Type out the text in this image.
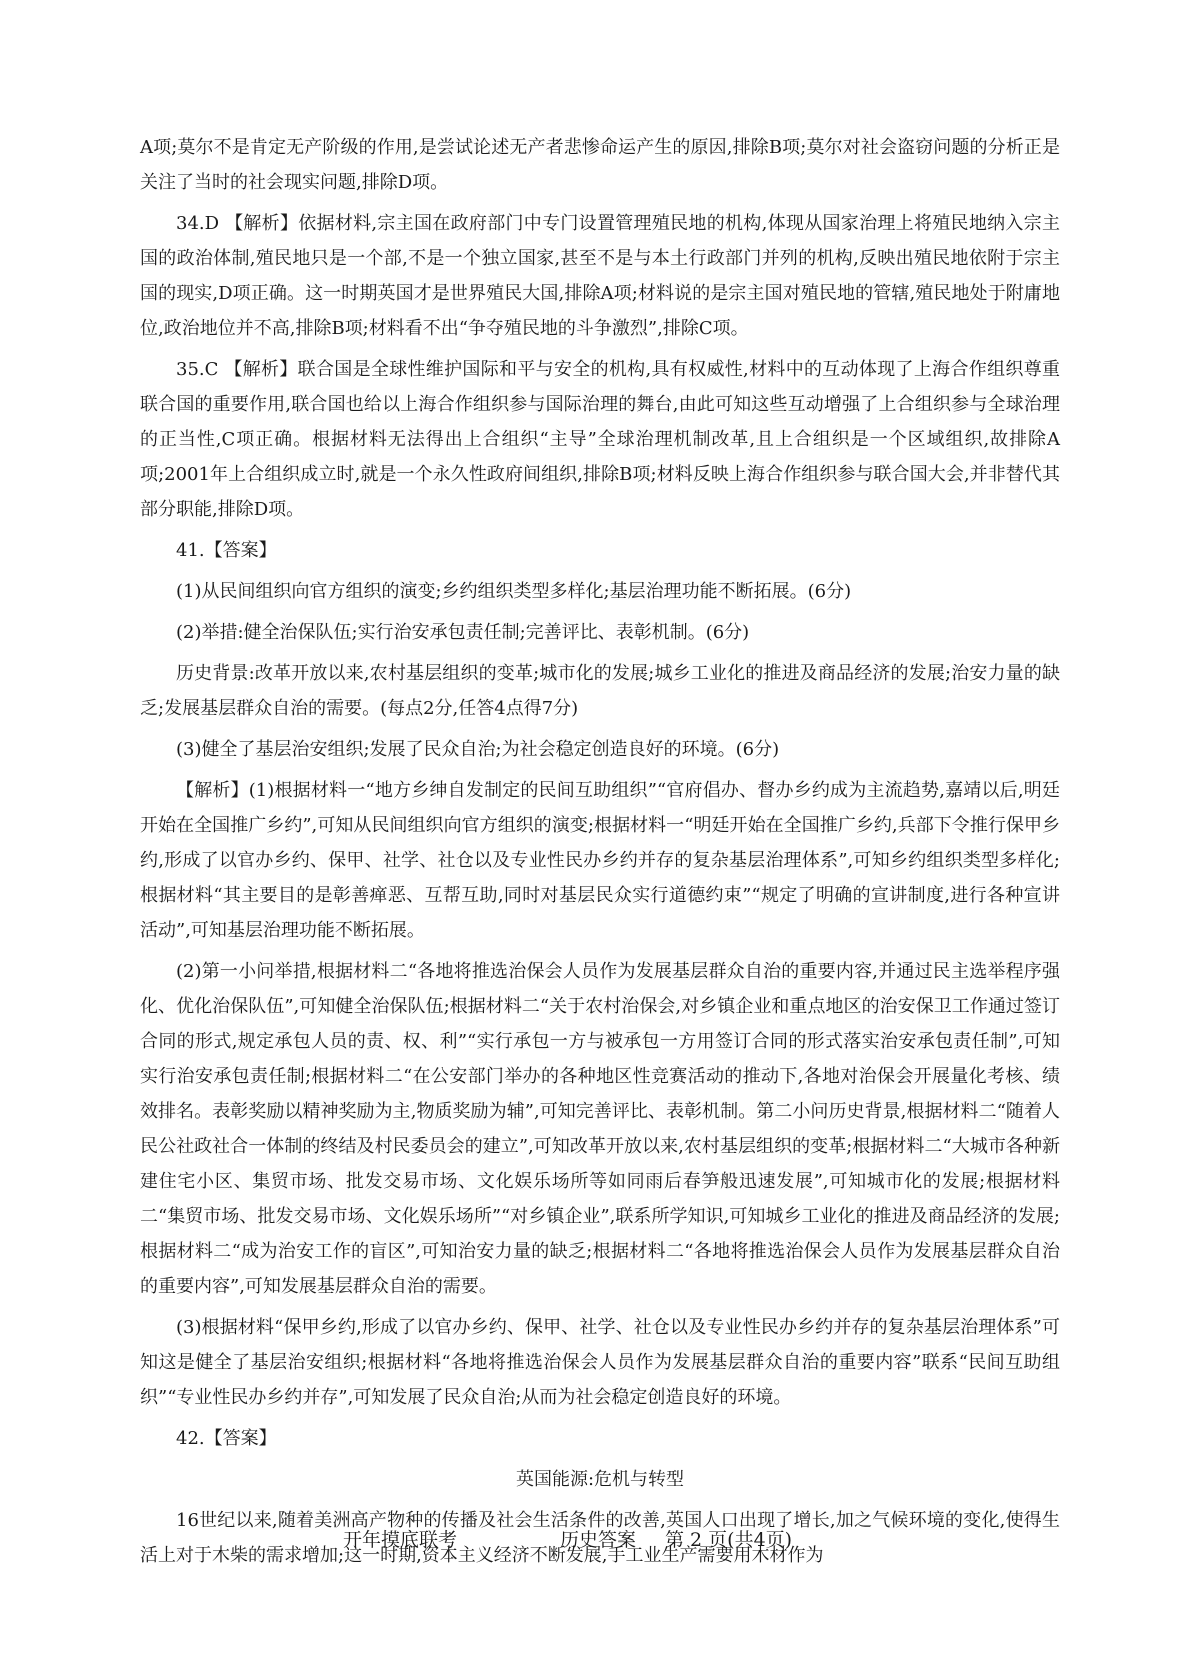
A项;莫尔不是肯定无产阶级的作用,是尝试论述无产者悲惨命运产生的原因,排除B项;莫尔对社会盗窃问题的分析正是关注了当时的社会现实问题,排除D项。

34.D 【解析】依据材料,宗主国在政府部门中专门设置管理殖民地的机构,体现从国家治理上将殖民地纳入宗主国的政治体制,殖民地只是一个部,不是一个独立国家,甚至不是与本土行政部门并列的机构,反映出殖民地依附于宗主国的现实,D项正确。这一时期英国才是世界殖民大国,排除A项;材料说的是宗主国对殖民地的管辖,殖民地处于附庸地位,政治地位并不高,排除B项;材料看不出“争夺殖民地的斗争激烈”,排除C项。

35.C 【解析】联合国是全球性维护国际和平与安全的机构,具有权威性,材料中的互动体现了上海合作组织尊重联合国的重要作用,联合国也给以上海合作组织参与国际治理的舞台,由此可知这些互动增强了上合组织参与全球治理的正当性,C项正确。根据材料无法得出上合组织“主导”全球治理机制改革,且上合组织是一个区域组织,故排除A项;2001年上合组织成立时,就是一个永久性政府间组织,排除B项;材料反映上海合作组织参与联合国大会,并非替代其部分职能,排除D项。

41.【答案】

(1)从民间组织向官方组织的演变;乡约组织类型多样化;基层治理功能不断拓展。(6分)

(2)举措:健全治保队伍;实行治安承包责任制;完善评比、表彰机制。(6分)

历史背景:改革开放以来,农村基层组织的变革;城市化的发展;城乡工业化的推进及商品经济的发展;治安力量的缺乏;发展基层群众自治的需要。(每点2分,任答4点得7分)

(3)健全了基层治安组织;发展了民众自治;为社会稳定创造良好的环境。(6分)

【解析】(1)根据材料一“地方乡绅自发制定的民间互助组织”“官府倡办、督办乡约成为主流趋势,嘉靖以后,明廷开始在全国推广乡约”,可知从民间组织向官方组织的演变;根据材料一“明廷开始在全国推广乡约,兵部下令推行保甲乡约,形成了以官办乡约、保甲、社学、社仓以及专业性民办乡约并存的复杂基层治理体系”,可知乡约组织类型多样化;根据材料“其主要目的是彰善瘅恶、互帮互助,同时对基层民众实行道德约束”“规定了明确的宣讲制度,进行各种宣讲活动”,可知基层治理功能不断拓展。

(2)第一小问举措,根据材料二“各地将推选治保会人员作为发展基层群众自治的重要内容,并通过民主选举程序强化、优化治保队伍”,可知健全治保队伍;根据材料二“关于农村治保会,对乡镇企业和重点地区的治安保卫工作通过签订合同的形式,规定承包人员的责、权、利”“实行承包一方与被承包一方用签订合同的形式落实治安承包责任制”,可知实行治安承包责任制;根据材料二“在公安部门举办的各种地区性竞赛活动的推动下,各地对治保会开展量化考核、绩效排名。表彰奖励以精神奖励为主,物质奖励为辅”,可知完善评比、表彰机制。第二小问历史背景,根据材料二“随着人民公社政社合一体制的终结及村民委员会的建立”,可知改革开放以来,农村基层组织的变革;根据材料二“大城市各种新建住宅小区、集贸市场、批发交易市场、文化娱乐场所等如同雨后春笋般迅速发展”,可知城市化的发展;根据材料二“集贸市场、批发交易市场、文化娱乐场所”“对乡镇企业”,联系所学知识,可知城乡工业化的推进及商品经济的发展;根据材料二“成为治安工作的盲区”,可知治安力量的缺乏;根据材料二“各地将推选治保会人员作为发展基层群众自治的重要内容”,可知发展基层群众自治的需要。

(3)根据材料“保甲乡约,形成了以官办乡约、保甲、社学、社仓以及专业性民办乡约并存的复杂基层治理体系”可知这是健全了基层治安组织;根据材料“各地将推选治保会人员作为发展基层群众自治的重要内容”联系“民间互助组织”“专业性民办乡约并存”,可知发展了民众自治;从而为社会稳定创造良好的环境。

42.【答案】

英国能源:危机与转型

16世纪以来,随着美洲高产物种的传播及社会生活条件的改善,英国人口出现了增长,加之气候环境的变化,使得生活上对于木柴的需求增加;这一时期,资本主义经济不断发展,手工业生产需要用木材作为

开年摸底联考	历史答案 第 2 页(共4页)
